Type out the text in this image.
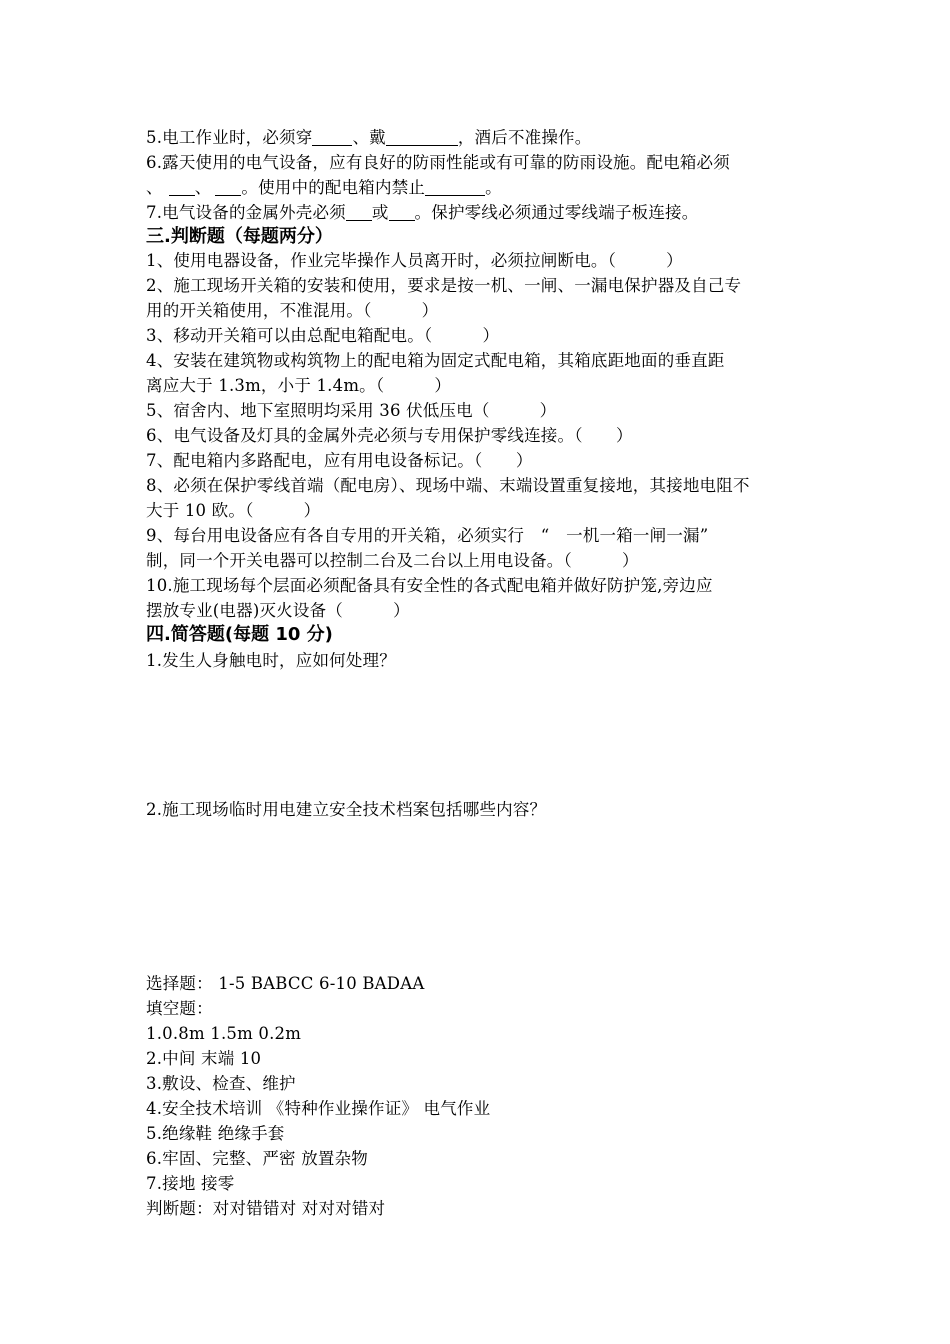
5.电工作业时，必须穿 、戴	，酒后不准操作。
6.露天使用的电气设备，应有良好的防雨性能或有可靠的防雨设施。配电箱必须
、 、 。使用中的配电箱内禁止	。
7.电气设备的金属外壳必须 或 。保护零线必须通过零线端子板连接。
三.判断题（每题两分）
1、使用电器设备，作业完毕操作人员离开时，必须拉闸断电。（　　　）
2、施工现场开关箱的安装和使用，要求是按一机、一闸、一漏电保护器及自己专
用的开关箱使用，不准混用。（　　　）
3、移动开关箱可以由总配电箱配电。（　　　）
4、安装在建筑物或构筑物上的配电箱为固定式配电箱，其箱底距地面的垂直距
离应大于 1.3m，小于 1.4m。（　　　）
5、宿舍内、地下室照明均采用 36 伏低压电（　　　）
6、电气设备及灯具的金属外壳必须与专用保护零线连接。（　　）
7、配电箱内多路配电，应有用电设备标记。（　　）
8、必须在保护零线首端（配电房）、现场中端、末端设置重复接地，其接地电阻不
大于 10 欧。（　　　）
9、每台用电设备应有各自专用的开关箱，必须实行　“　一机一箱一闸一漏”
制，同一个开关电器可以控制二台及二台以上用电设备。（　　　）
10.施工现场每个层面必须配备具有安全性的各式配电箱并做好防护笼,旁边应
摆放专业(电器)灭火设备（　　　）
四.简答题(每题 10 分)
1.发生人身触电时，应如何处理？
2.施工现场临时用电建立安全技术档案包括哪些内容？
选择题： 1-5 BABCC 6-10 BADAA
填空题：
1.0.8m 1.5m 0.2m
2.中间 末端 10
3.敷设、检查、维护
4.安全技术培训 《特种作业操作证》 电气作业
5.绝缘鞋 绝缘手套
6.牢固、完整、严密 放置杂物
7.接地 接零
判断题：对对错错对 对对对错对
